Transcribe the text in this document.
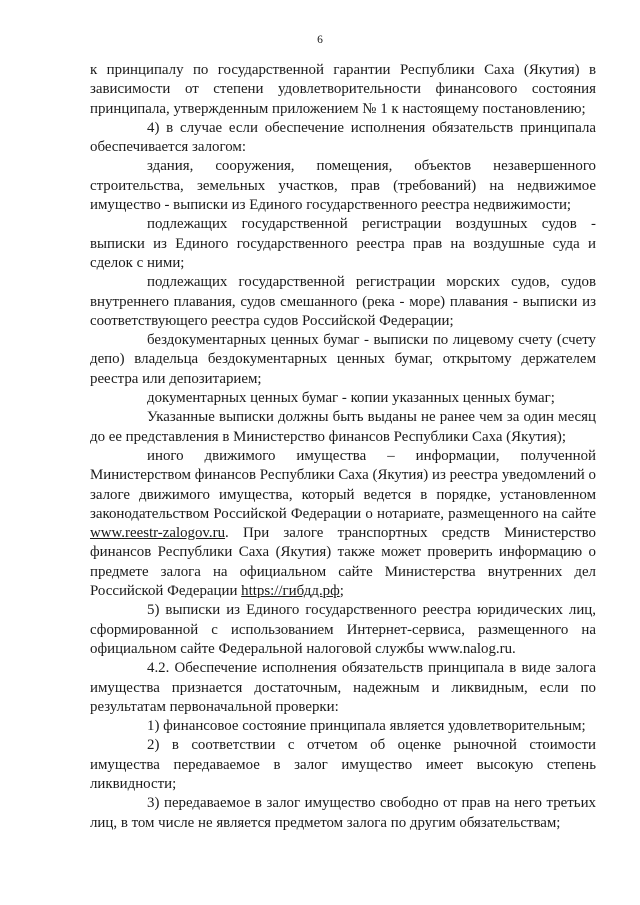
6

к принципалу по государственной гарантии Республики Саха (Якутия) в зависимости от степени удовлетворительности финансового состояния принципала, утвержденным приложением № 1 к настоящему постановлению;

4) в случае если обеспечение исполнения обязательств принципала обеспечивается залогом:

здания, сооружения, помещения, объектов незавершенного строительства, земельных участков, прав (требований) на недвижимое имущество - выписки из Единого государственного реестра недвижимости;

подлежащих государственной регистрации воздушных судов - выписки из Единого государственного реестра прав на воздушные суда и сделок с ними;

подлежащих государственной регистрации морских судов, судов внутреннего плавания, судов смешанного (река - море) плавания - выписки из соответствующего реестра судов Российской Федерации;

бездокументарных ценных бумаг - выписки по лицевому счету (счету депо) владельца бездокументарных ценных бумаг, открытому держателем реестра или депозитарием;

документарных ценных бумаг - копии указанных ценных бумаг;

Указанные выписки должны быть выданы не ранее чем за один месяц до ее представления в Министерство финансов Республики Саха (Якутия);

иного движимого имущества – информации, полученной Министерством финансов Республики Саха (Якутия) из реестра уведомлений о залоге движимого имущества, который ведется в порядке, установленном законодательством Российской Федерации о нотариате, размещенного на сайте www.reestr-zalogov.ru. При залоге транспортных средств Министерство финансов Республики Саха (Якутия) также может проверить информацию о предмете залога на официальном сайте Министерства внутренних дел Российской Федерации https://гибдд.рф;

5) выписки из Единого государственного реестра юридических лиц, сформированной с использованием Интернет-сервиса, размещенного на официальном сайте Федеральной налоговой службы www.nalog.ru.

4.2. Обеспечение исполнения обязательств принципала в виде залога имущества признается достаточным, надежным и ликвидным, если по результатам первоначальной проверки:

1) финансовое состояние принципала является удовлетворительным;

2) в соответствии с отчетом об оценке рыночной стоимости имущества передаваемое в залог имущество имеет высокую степень ликвидности;

3) передаваемое в залог имущество свободно от прав на него третьих лиц, в том числе не является предметом залога по другим обязательствам;
